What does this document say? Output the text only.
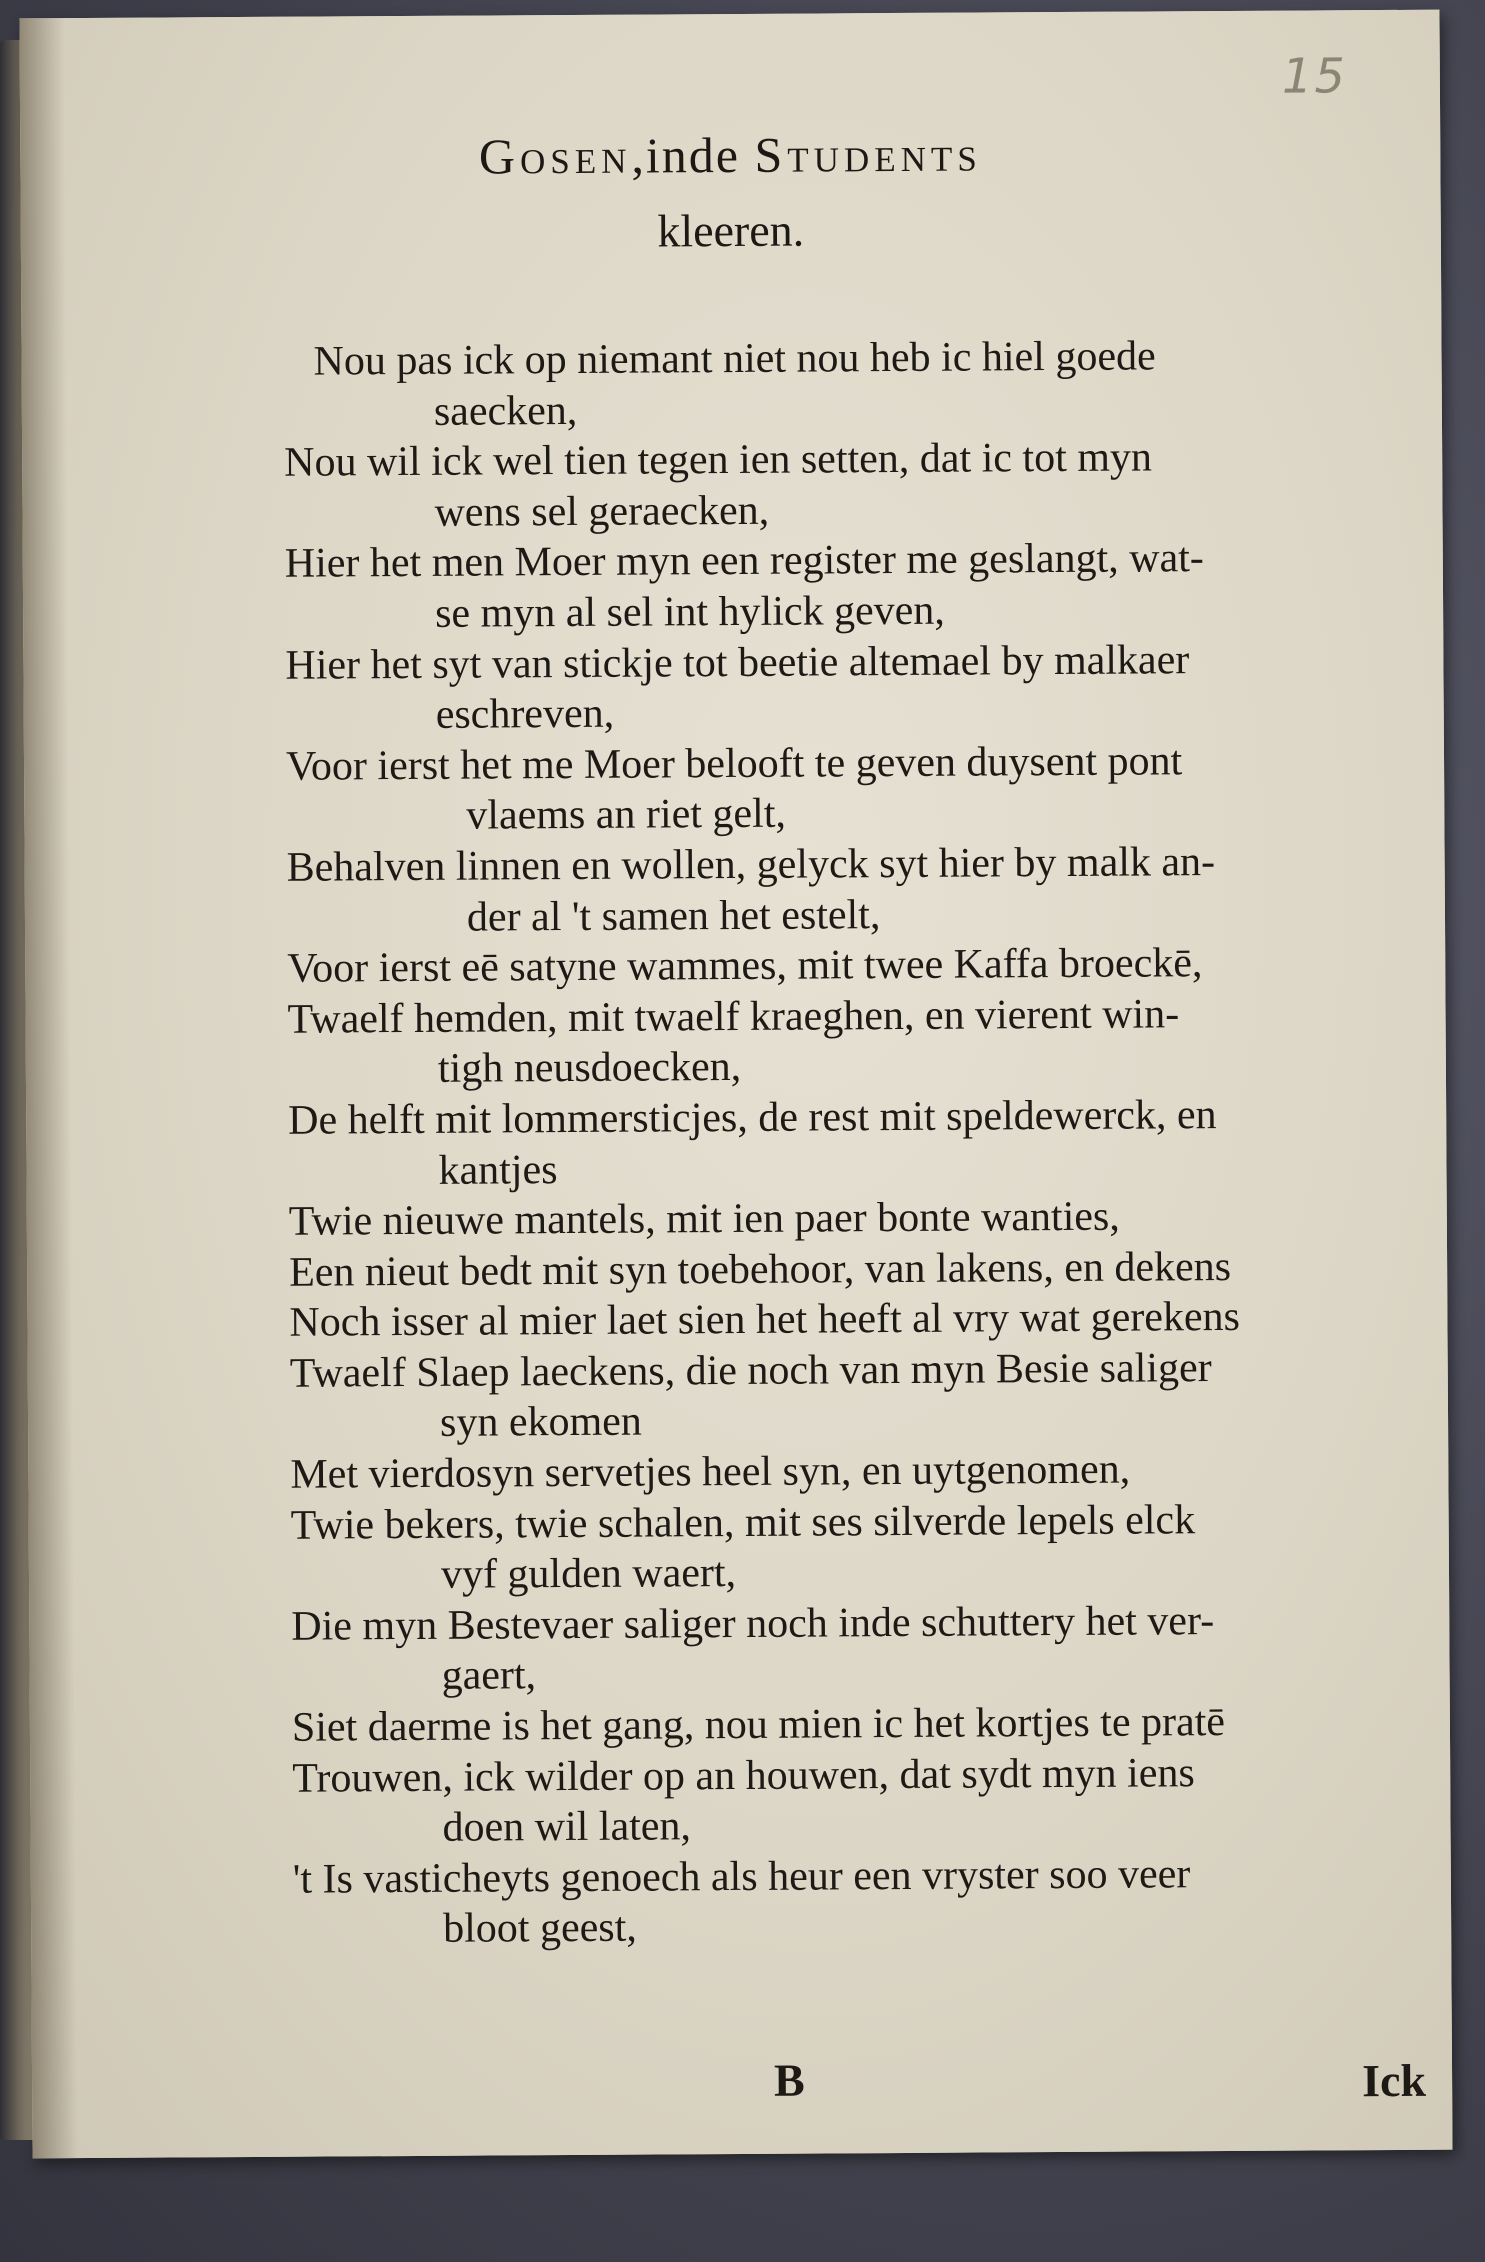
15
Gosen,inde Students
kleeren.
Nou pas ick op niemant niet nou heb ic hiel goede
saecken,
Nou wil ick wel tien tegen ien setten, dat ic tot myn
wens sel geraecken,
Hier het men Moer myn een register me geslangt, wat-
se myn al sel int hylick geven,
Hier het syt van stickje tot beetie altemael by malkaer
eschreven,
Voor ierst het me Moer belooft te geven duysent pont
vlaems an riet gelt,
Behalven linnen en wollen, gelyck syt hier by malk an-
der al 't samen het estelt,
Voor ierst eē satyne wammes, mit twee Kaffa broeckē,
Twaelf hemden, mit twaelf kraeghen, en vierent win-
tigh neusdoecken,
De helft mit lommersticjes, de rest mit speldewerck, en
kantjes
Twie nieuwe mantels, mit ien paer bonte wanties,
Een nieut bedt mit syn toebehoor, van lakens, en dekens
Noch isser al mier laet sien het heeft al vry wat gerekens
Twaelf Slaep laeckens, die noch van myn Besie saliger
syn ekomen
Met vierdosyn servetjes heel syn, en uytgenomen,
Twie bekers, twie schalen, mit ses silverde lepels elck
vyf gulden waert,
Die myn Bestevaer saliger noch inde schuttery het ver-
gaert,
Siet daerme is het gang, nou mien ic het kortjes te pratē
Trouwen, ick wilder op an houwen, dat sydt myn iens
doen wil laten,
't Is vasticheyts genoech als heur een vryster soo veer
bloot geest,
B	Ick
